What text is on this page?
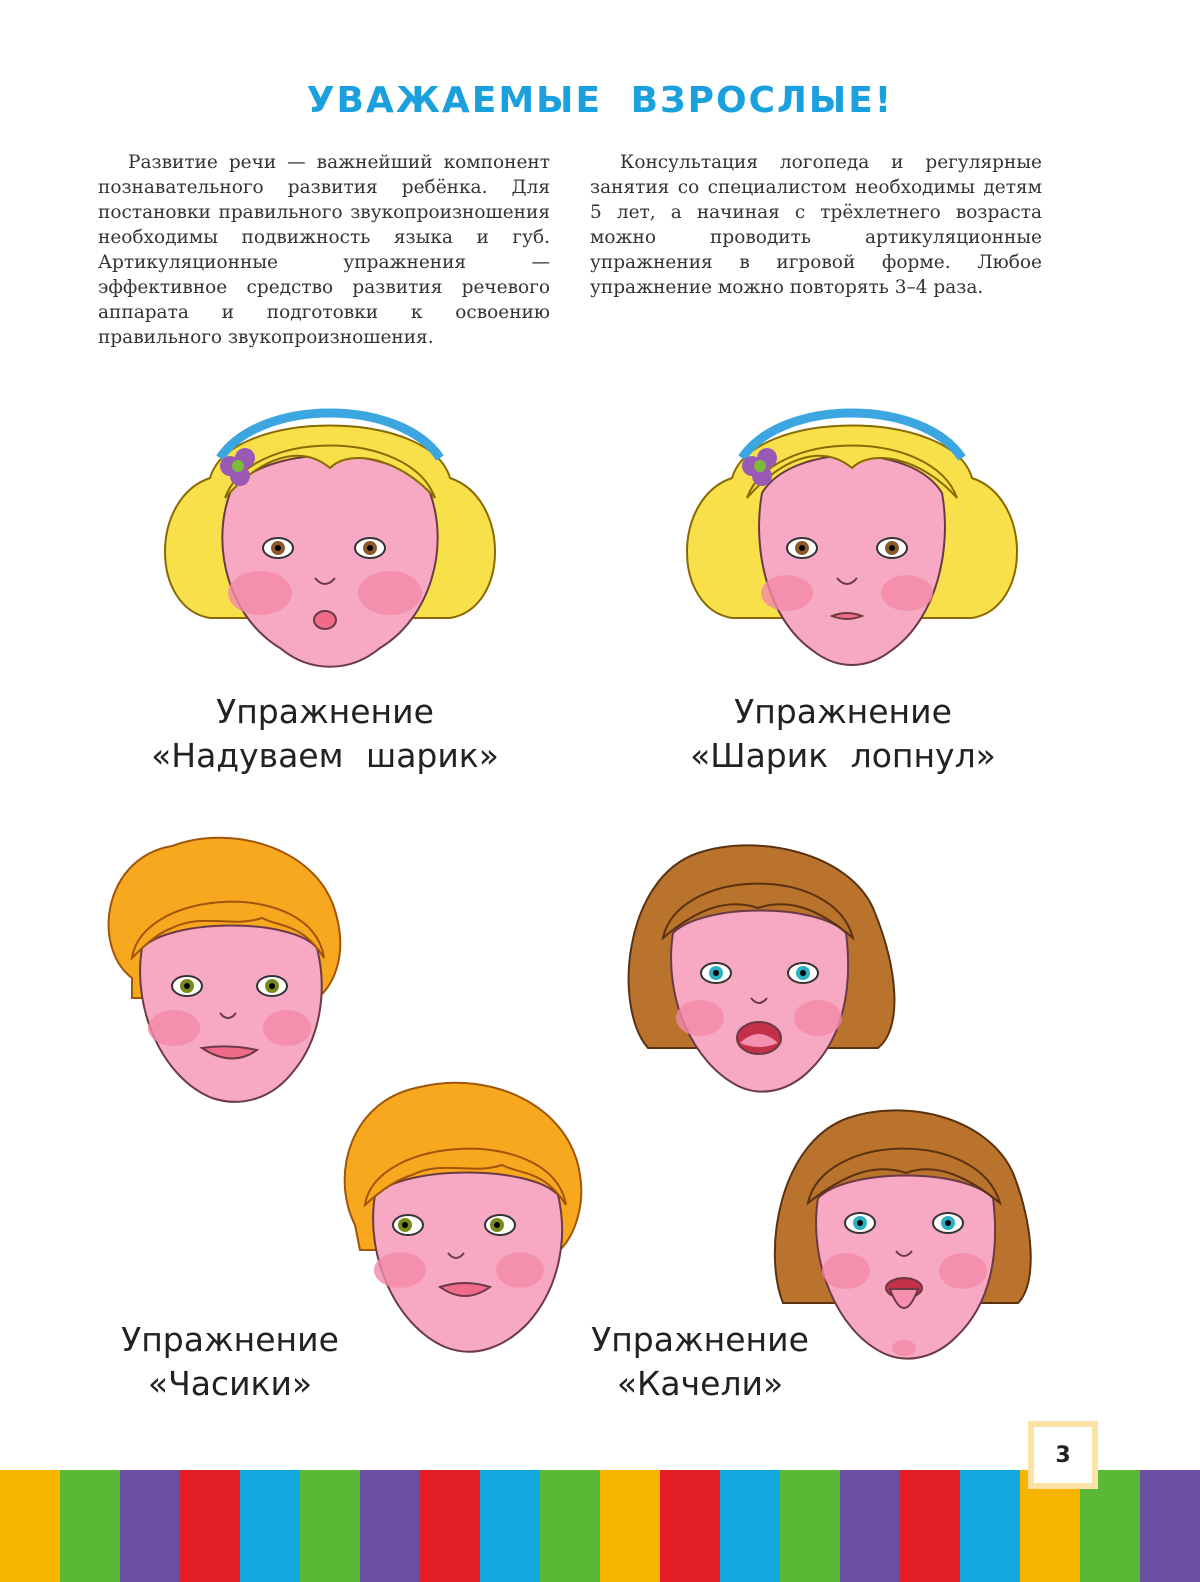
УВАЖАЕМЫЕ ВЗРОСЛЫЕ!

Развитие речи — важнейший компонент познавательного развития ребёнка. Для постановки правильного звукопроизношения необходимы подвижность языка и губ. Артикуляционные упражнения — эффективное средство развития речевого аппарата и подготовки к освоению правильного звукопроизношения.

Консультация логопеда и регулярные занятия со специалистом необходимы детям 5 лет, а начиная с трёхлетнего возраста можно проводить артикуляционные упражнения в игровой форме. Любое упражнение можно повторять 3–4 раза.

Упражнение
«Надуваем шарик»
Упражнение
«Шарик лопнул»
Упражнение
«Часики»
Упражнение
«Качели»
3
